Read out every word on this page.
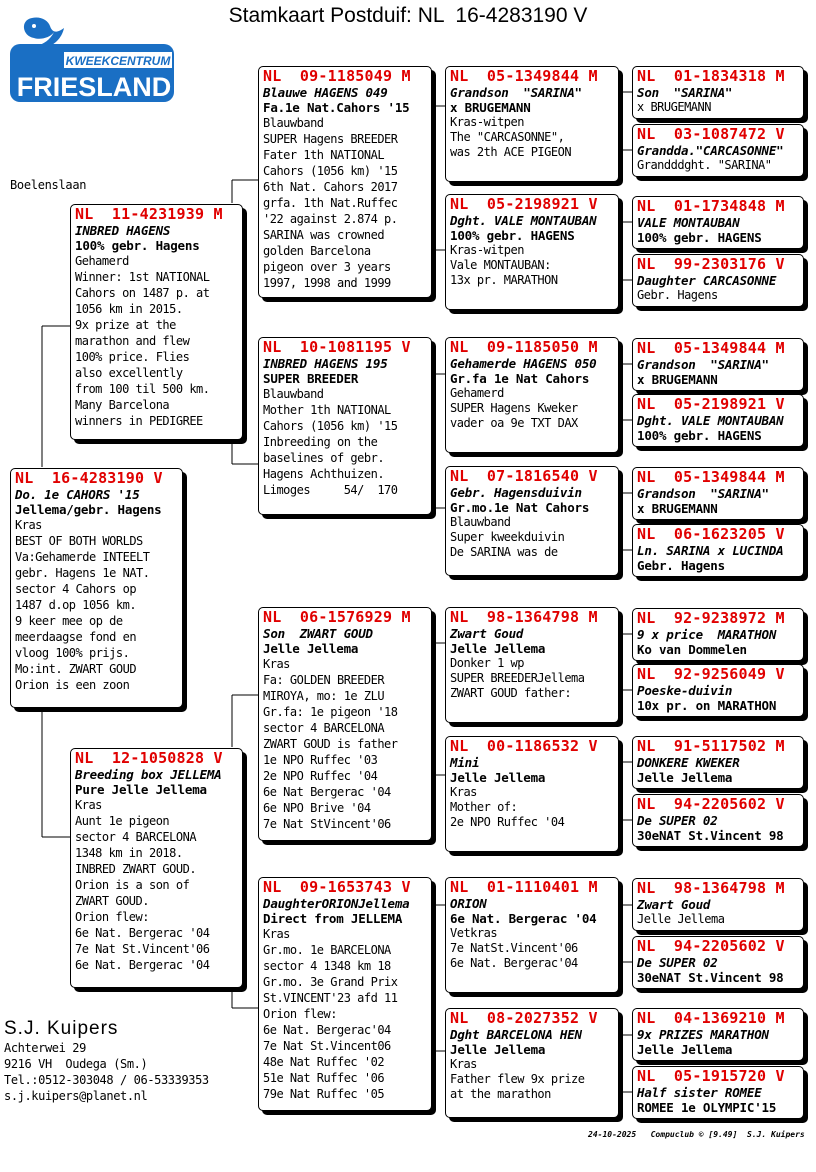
Stamkaart Postduif: NL  16-4283190 V
KWEEKCENTRUM
FRIESLAND
Boelenslaan
NL  16-4283190 V
Do. 1e CAHORS '15
Jellema/gebr. Hagens
Kras
BEST OF BOTH WORLDS
Va:Gehamerde INTEELT
gebr. Hagens 1e NAT.
sector 4 Cahors op
1487 d.op 1056 km.
9 keer mee op de
meerdaagse fond en
vloog 100% prijs.
Mo:int. ZWART GOUD
Orion is een zoon
NL  11-4231939 M
INBRED HAGENS
100% gebr. Hagens
Gehamerd
Winner: 1st NATIONAL
Cahors on 1487 p. at
1056 km in 2015.
9x prize at the
marathon and flew
100% price. Flies
also excellently
from 100 til 500 km.
Many Barcelona
winners in PEDIGREE
NL  12-1050828 V
Breeding box JELLEMA
Pure Jelle Jellema
Kras
Aunt 1e pigeon
sector 4 BARCELONA
1348 km in 2018.
INBRED ZWART GOUD.
Orion is a son of
ZWART GOUD.
Orion flew:
6e Nat. Bergerac '04
7e Nat St.Vincent'06
6e Nat. Bergerac '04
NL  09-1185049 M
Blauwe HAGENS 049
Fa.1e Nat.Cahors '15
Blauwband
SUPER Hagens BREEDER
Fater 1th NATIONAL
Cahors (1056 km) '15
6th Nat. Cahors 2017
grfa. 1th Nat.Ruffec
'22 against 2.874 p.
SARINA was crowned
golden Barcelona
pigeon over 3 years
1997, 1998 and 1999
NL  10-1081195 V
INBRED HAGENS 195
SUPER BREEDER
Blauwband
Mother 1th NATIONAL
Cahors (1056 km) '15
Inbreeding on the
baselines of gebr.
Hagens Achthuizen.
Limoges     54/  170
NL  06-1576929 M
Son  ZWART GOUD
Jelle Jellema
Kras
Fa: GOLDEN BREEDER
MIROYA, mo: 1e ZLU
Gr.fa: 1e pigeon '18
sector 4 BARCELONA
ZWART GOUD is father
1e NPO Ruffec '03
2e NPO Ruffec '04
6e Nat Bergerac '04
6e NPO Brive '04
7e Nat StVincent'06
NL  09-1653743 V
DaughterORIONJellema
Direct from JELLEMA
Kras
Gr.mo. 1e BARCELONA
sector 4 1348 km 18
Gr.mo. 3e Grand Prix
St.VINCENT'23 afd 11
Orion flew:
6e Nat. Bergerac'04
7e Nat St.Vincent06
48e Nat Ruffec '02
51e Nat Ruffec '06
79e Nat Ruffec '05
NL  05-1349844 M
Grandson  "SARINA"
x BRUGEMANN
Kras-witpen
The "CARCASONNE",
was 2th ACE PIGEON
NL  05-2198921 V
Dght. VALE MONTAUBAN
100% gebr. HAGENS
Kras-witpen
Vale MONTAUBAN:
13x pr. MARATHON
NL  09-1185050 M
Gehamerde HAGENS 050
Gr.fa 1e Nat Cahors
Gehamerd
SUPER Hagens Kweker
vader oa 9e TXT DAX
NL  07-1816540 V
Gebr. Hagensduivin
Gr.mo.1e Nat Cahors
Blauwband
Super kweekduivin
De SARINA was de
NL  98-1364798 M
Zwart Goud
Jelle Jellema
Donker 1 wp
SUPER BREEDERJellema
ZWART GOUD father:
NL  00-1186532 V
Mini
Jelle Jellema
Kras
Mother of:
2e NPO Ruffec '04
NL  01-1110401 M
ORION
6e Nat. Bergerac '04
Vetkras
7e NatSt.Vincent'06
6e Nat. Bergerac'04
NL  08-2027352 V
Dght BARCELONA HEN
Jelle Jellema
Kras
Father flew 9x prize
at the marathon
NL  01-1834318 M
Son  "SARINA"
x BRUGEMANN
NL  03-1087472 V
Grandda."CARCASONNE"
Grandddght. "SARINA"
NL  01-1734848 M
VALE MONTAUBAN
100% gebr. HAGENS
NL  99-2303176 V
Daughter CARCASONNE
Gebr. Hagens
NL  05-1349844 M
Grandson  "SARINA"
x BRUGEMANN
NL  05-2198921 V
Dght. VALE MONTAUBAN
100% gebr. HAGENS
NL  05-1349844 M
Grandson  "SARINA"
x BRUGEMANN
NL  06-1623205 V
Ln. SARINA x LUCINDA
Gebr. Hagens
NL  92-9238972 M
9 x price  MARATHON
Ko van Dommelen
NL  92-9256049 V
Poeske-duivin
10x pr. on MARATHON
NL  91-5117502 M
DONKERE KWEKER
Jelle Jellema
NL  94-2205602 V
De SUPER 02
30eNAT St.Vincent 98
NL  98-1364798 M
Zwart Goud
Jelle Jellema
NL  94-2205602 V
De SUPER 02
30eNAT St.Vincent 98
NL  04-1369210 M
9x PRIZES MARATHON
Jelle Jellema
NL  05-1915720 V
Half sister ROMEE
ROMEE 1e OLYMPIC'15
S.J. Kuipers
Achterwei 29
9216 VH  Oudega (Sm.)
Tel.:0512-303048 / 06-53339353
s.j.kuipers@planet.nl
24-10-2025   Compuclub © [9.49]  S.J. Kuipers
